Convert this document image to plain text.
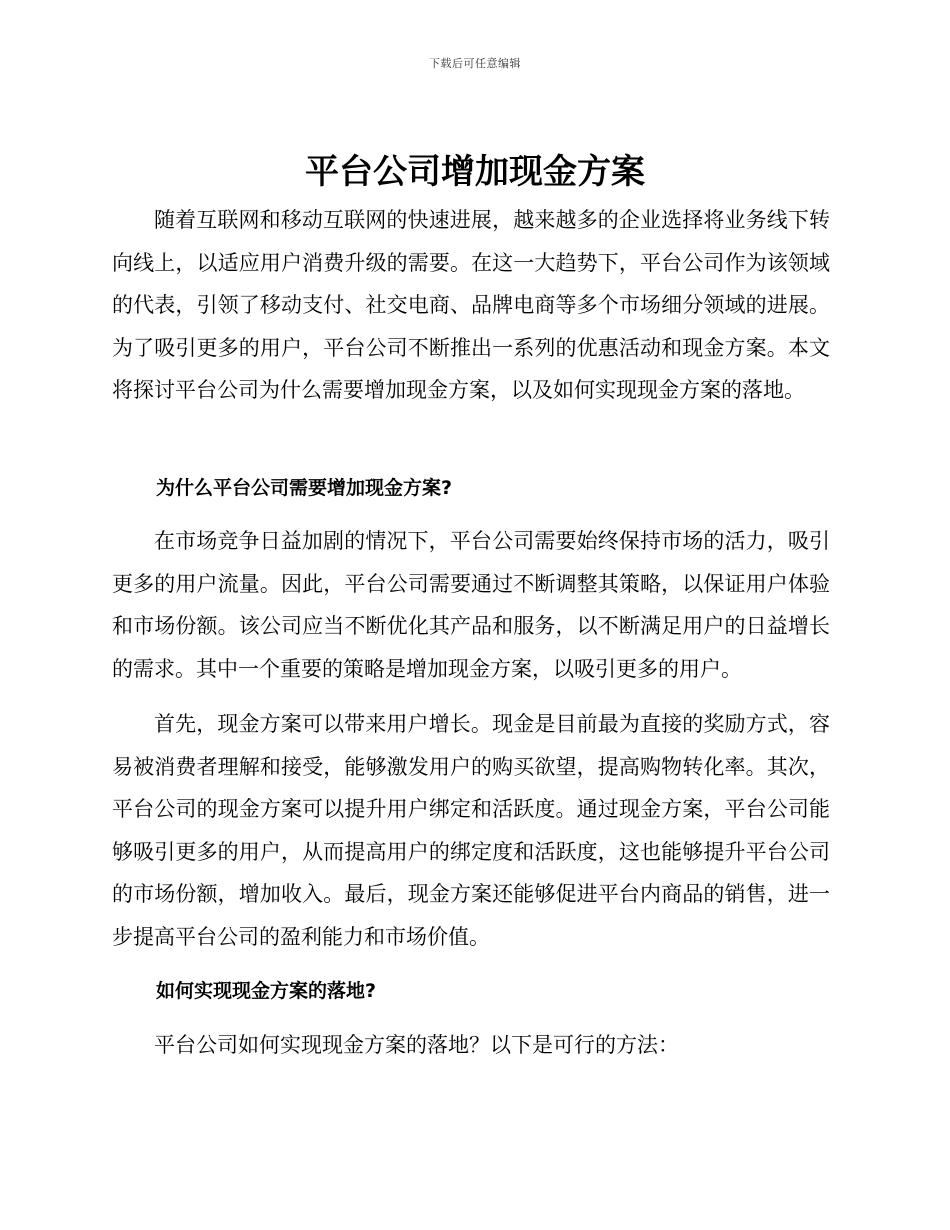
下载后可任意编辑
平台公司增加现金方案

随着互联网和移动互联网的快速进展，越来越多的企业选择将业务线下转向线上，以适应用户消费升级的需要。在这一大趋势下，平台公司作为该领域的代表，引领了移动支付、社交电商、品牌电商等多个市场细分领域的进展。为了吸引更多的用户，平台公司不断推出一系列的优惠活动和现金方案。本文将探讨平台公司为什么需要增加现金方案，以及如何实现现金方案的落地。

为什么平台公司需要增加现金方案?

在市场竞争日益加剧的情况下，平台公司需要始终保持市场的活力，吸引更多的用户流量。因此，平台公司需要通过不断调整其策略，以保证用户体验和市场份额。该公司应当不断优化其产品和服务，以不断满足用户的日益增长的需求。其中一个重要的策略是增加现金方案，以吸引更多的用户。

首先，现金方案可以带来用户增长。现金是目前最为直接的奖励方式，容易被消费者理解和接受，能够激发用户的购买欲望，提高购物转化率。其次，平台公司的现金方案可以提升用户绑定和活跃度。通过现金方案，平台公司能够吸引更多的用户，从而提高用户的绑定度和活跃度，这也能够提升平台公司的市场份额，增加收入。最后，现金方案还能够促进平台内商品的销售，进一步提高平台公司的盈利能力和市场价值。

如何实现现金方案的落地?

平台公司如何实现现金方案的落地？以下是可行的方法：
